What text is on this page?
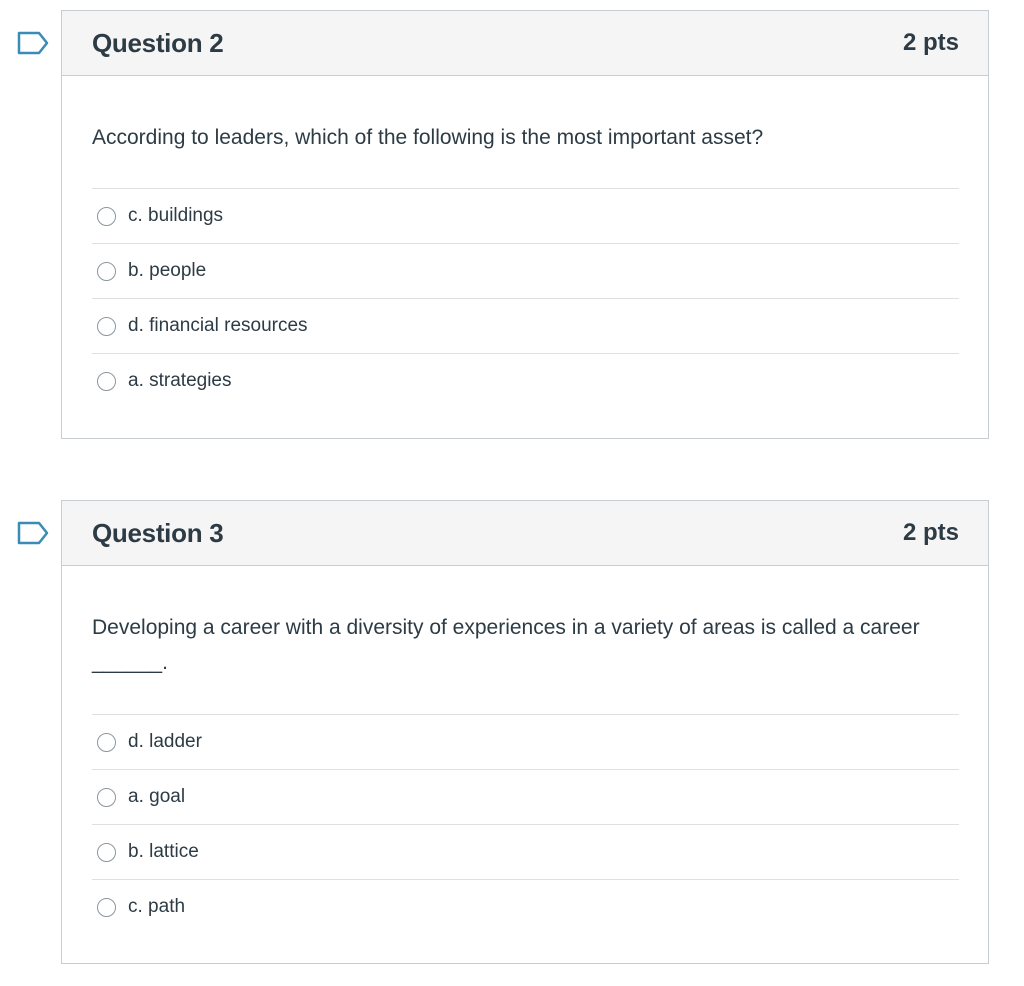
Question 2	2 pts
According to leaders, which of the following is the most important asset?
c. buildings
b. people
d. financial resources
a. strategies
Question 3	2 pts
Developing a career with a diversity of experiences in a variety of areas is called a career ______.
d. ladder
a. goal
b. lattice
c. path
